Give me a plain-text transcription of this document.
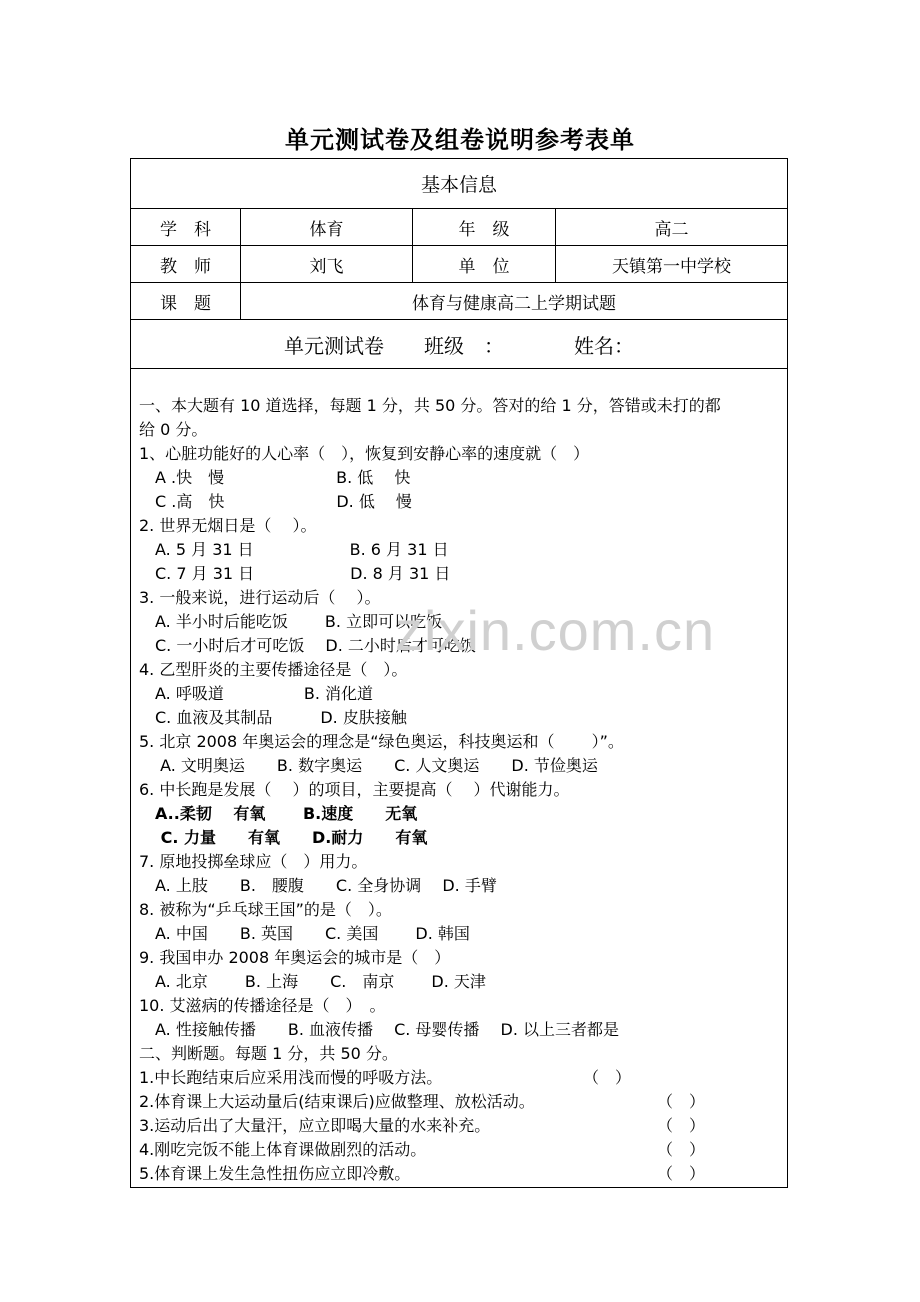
单元测试卷及组卷说明参考表单
基本信息
学　科	体育	年　级	高二
教　师	刘飞	单　位	天镇第一中学校
课　题	体育与健康高二上学期试题
单元测试卷　　班级　：　　　　姓名：
一、本大题有 10 道选择，每题 1 分，共 50 分。答对的给 1 分，答错或未打的都
给 0 分。
1、心脏功能好的人心率（　），恢复到安静心率的速度就（　）
　A .快　慢　　　　　　　B. 低　 快
　C .高　快　　　　　　　D. 低　 慢
2. 世界无烟日是（　 ）。
　A. 5 月 31 日　　　　　　B. 6 月 31 日
　C. 7 月 31 日　　　　　　D. 8 月 31 日
3. 一般来说，进行运动后（　 ）。
　A. 半小时后能吃饭　　 B. 立即可以吃饭
　C. 一小时后才可吃饭　 D. 二小时后才可吃饭
4. 乙型肝炎的主要传播途径是（　）。
　A. 呼吸道　　　　　B. 消化道
　C. 血液及其制品　　　D. 皮肤接触
5. 北京 2008 年奥运会的理念是“绿色奥运，科技奥运和（　　 ）”。
　 A. 文明奥运　　B. 数字奥运　　C. 人文奥运　　D. 节俭奥运
6. 中长跑是发展（　 ）的项目，主要提高（　 ）代谢能力。
　A..柔韧　 有氧　　 B.速度　　无氧
　 C. 力量　　有氧　　D.耐力　　有氧
7. 原地投掷垒球应（　）用力。
　A. 上肢　　B.　腰腹　　C. 全身协调　 D. 手臂
8. 被称为“乒乓球王国”的是（　）。
　A. 中国　　B. 英国　　C. 美国　　 D. 韩国
9. 我国申办 2008 年奥运会的城市是（　）
　A. 北京　　 B. 上海　　C.　南京　　 D. 天津
10. 艾滋病的传播途径是（　）　。
　A. 性接触传播　　B. 血液传播　 C. 母婴传播　 D. 以上三者都是
二、判断题。每题 1 分，共 50 分。
1.中长跑结束后应采用浅而慢的呼吸方法。	（　）
2.体育课上大运动量后(结束课后)应做整理、放松活动。	（　）
3.运动后出了大量汗，应立即喝大量的水来补充。	（　）
4.刚吃完饭不能上体育课做剧烈的活动。	（　）
5.体育课上发生急性扭伤应立即冷敷。	（　）
zixin.com.cn
